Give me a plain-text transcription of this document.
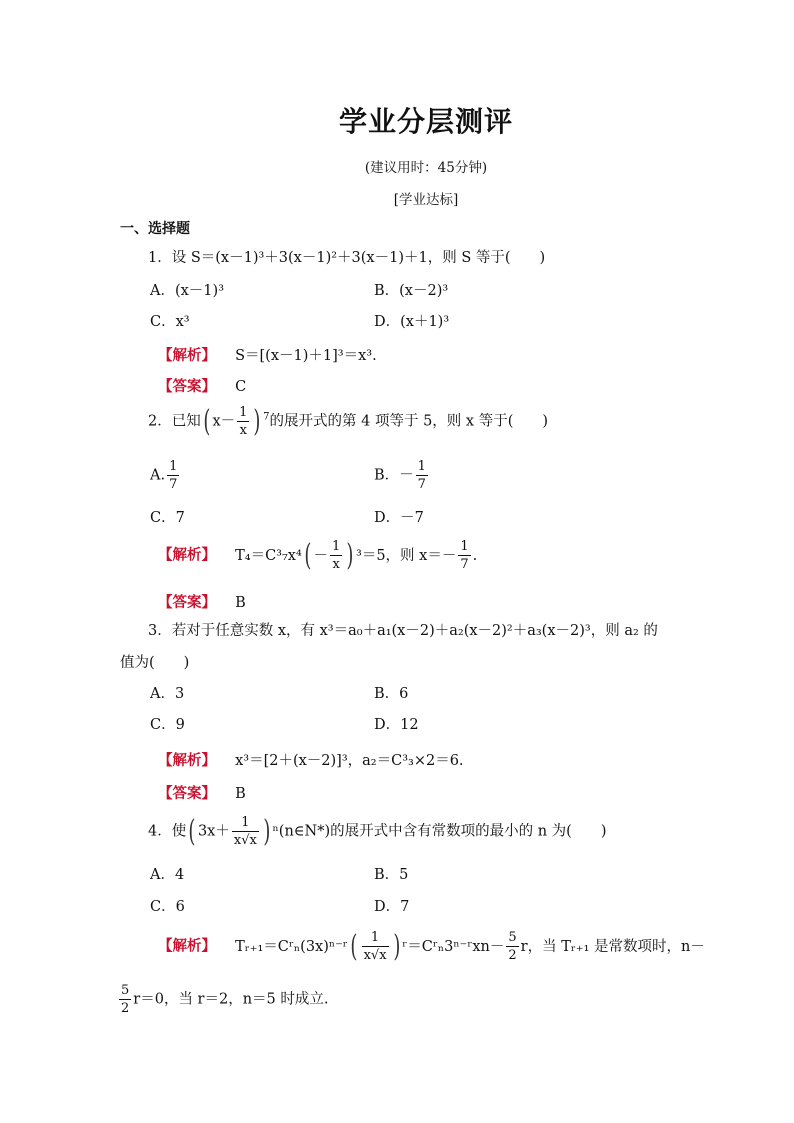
学业分层测评
(建议用时：45分钟)
[学业达标]
一、选择题
1．设 S＝(x－1)³＋3(x－1)²＋3(x－1)＋1，则 S 等于(　　)
A．(x－1)³	B．(x－2)³
C．x³	D．(x＋1)³
【解析】 S＝[(x－1)＋1]³＝x³.
【答案】 C
2．已知( $x- \frac{1}{x}$ ) $^7$的展开式的第 4 项等于 5，则 x 等于(　　)
A. $\frac{1}{7}$	B．－ $\frac{1}{7}$
C．7	D．－7
【解析】 $T_4=C^3_7x^4( - \frac{1}{x}$ ) ³＝5，则 $x=- \frac{1}{7}$ .
【答案】 B
3．若对于任意实数 x，有 x³＝a₀＋a₁(x－2)＋a₂(x－2)²＋a₃(x－2)³，则 a₂ 的
值为(　　)
A．3	B．6
C．9	D．12
【解析】 x³＝[2＋(x－2)]³，a₂＝C³₃×2＝6.
【答案】 B
4．使( $3x+ \frac{1}{x√x}$ ) ⁿ(n∈N*)的展开式中含有常数项的最小的 n 为(　　)
A．4	B．5
C．6	D．7
【解析】 Tᵣ₊₁＝Cʳₙ(3x)ⁿ⁻ʳ( $\frac{1}{x√x}$ ) ʳ＝Cʳₙ3ⁿ⁻ʳxn－ $\frac{5}{2}$ r，当 Tᵣ₊₁ 是常数项时，n－
$\frac{5}{2} r=0$，当 r＝2，n＝5 时成立.
